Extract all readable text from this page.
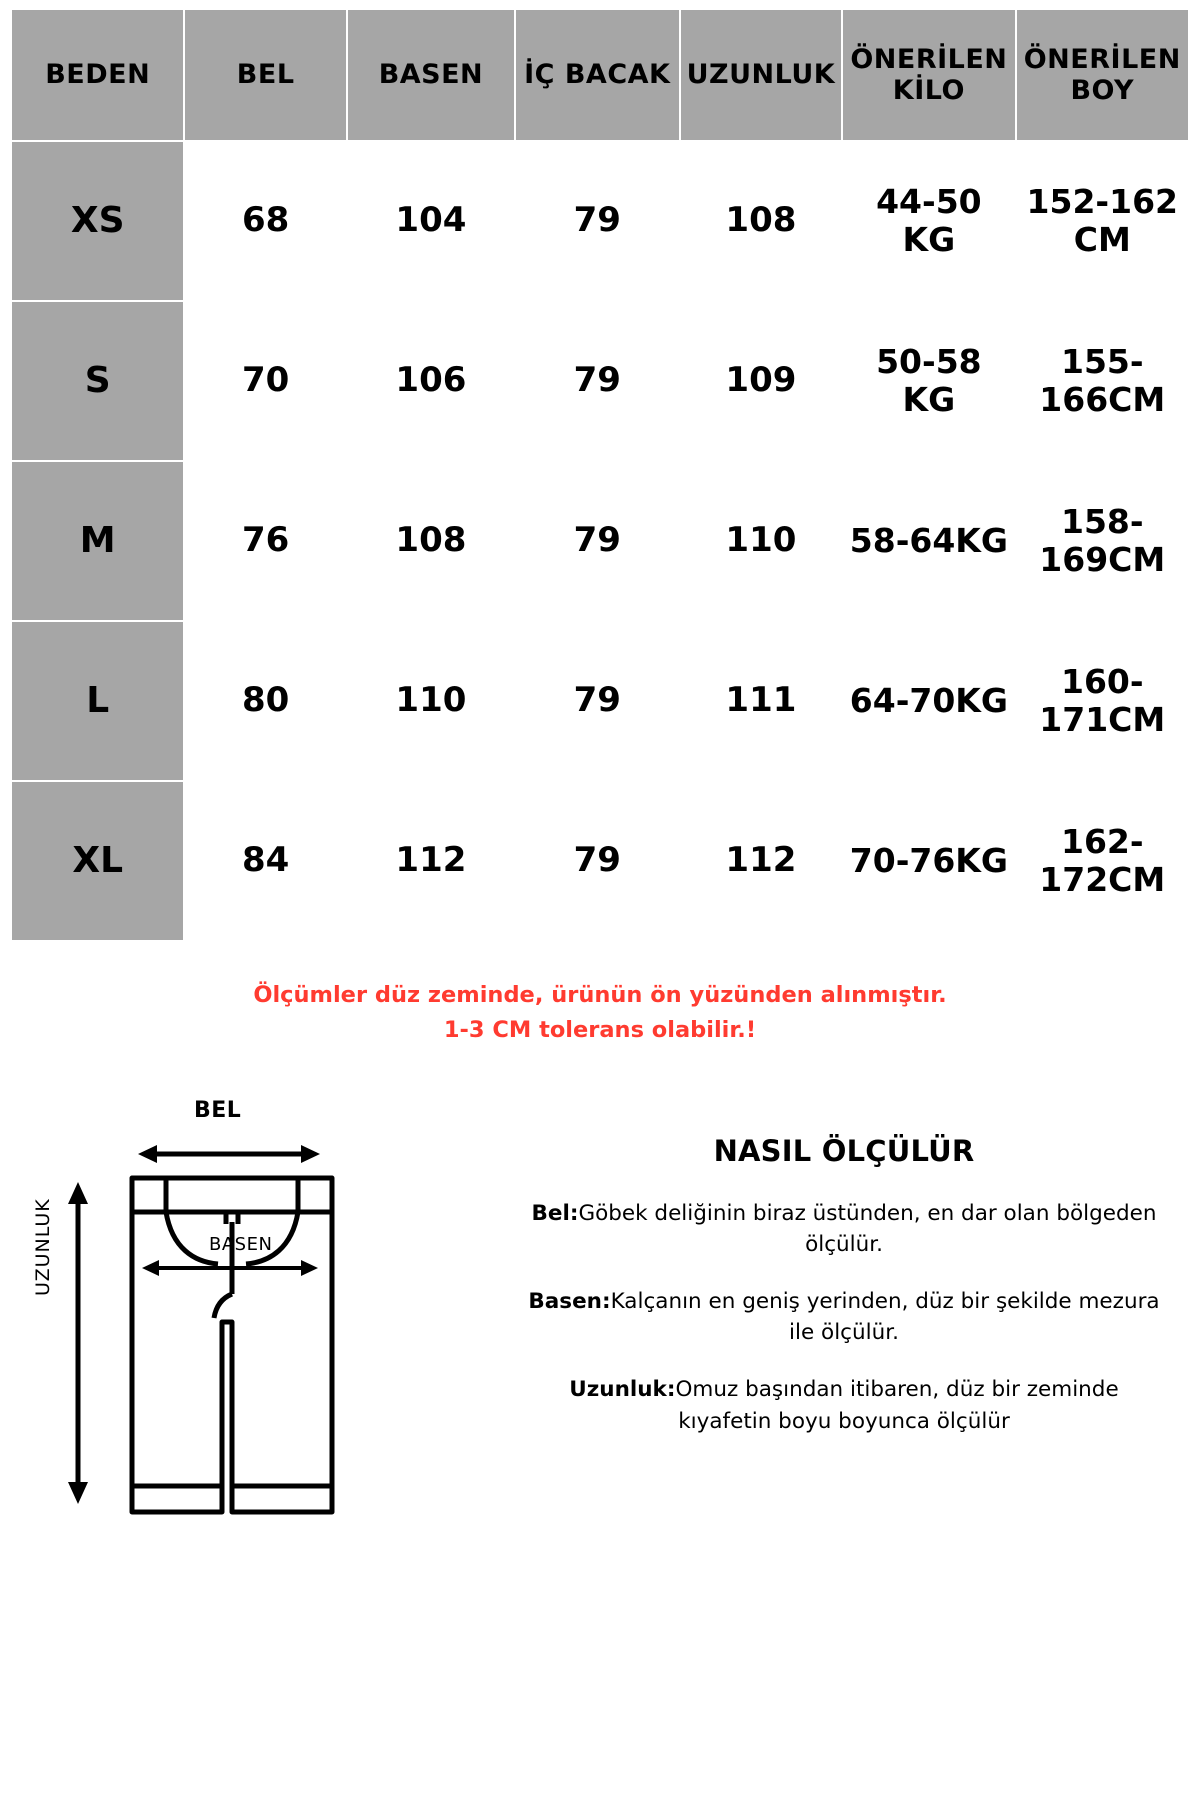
BEDEN	BEL	BASEN	İÇ BACAK	UZUNLUK	ÖNERİLEN KİLO	ÖNERİLEN BOY
XS	68	104	79	108	44-50 KG	152-162 CM
S	70	106	79	109	50-58 KG	155-166CM
M	76	108	79	110	58-64KG	158-169CM
L	80	110	79	111	64-70KG	160-171CM
XL	84	112	79	112	70-76KG	162-172CM
Ölçümler düz zeminde, ürünün ön yüzünden alınmıştır.
1-3 CM tolerans olabilir.!
BEL
UZUNLUK	BASEN
NASIL ÖLÇÜLÜR

Bel:Göbek deliğinin biraz üstünden, en dar olan bölgeden ölçülür.

Basen:Kalçanın en geniş yerinden, düz bir şekilde mezura ile ölçülür.

Uzunluk:Omuz başından itibaren, düz bir zeminde kıyafetin boyu boyunca ölçülür
